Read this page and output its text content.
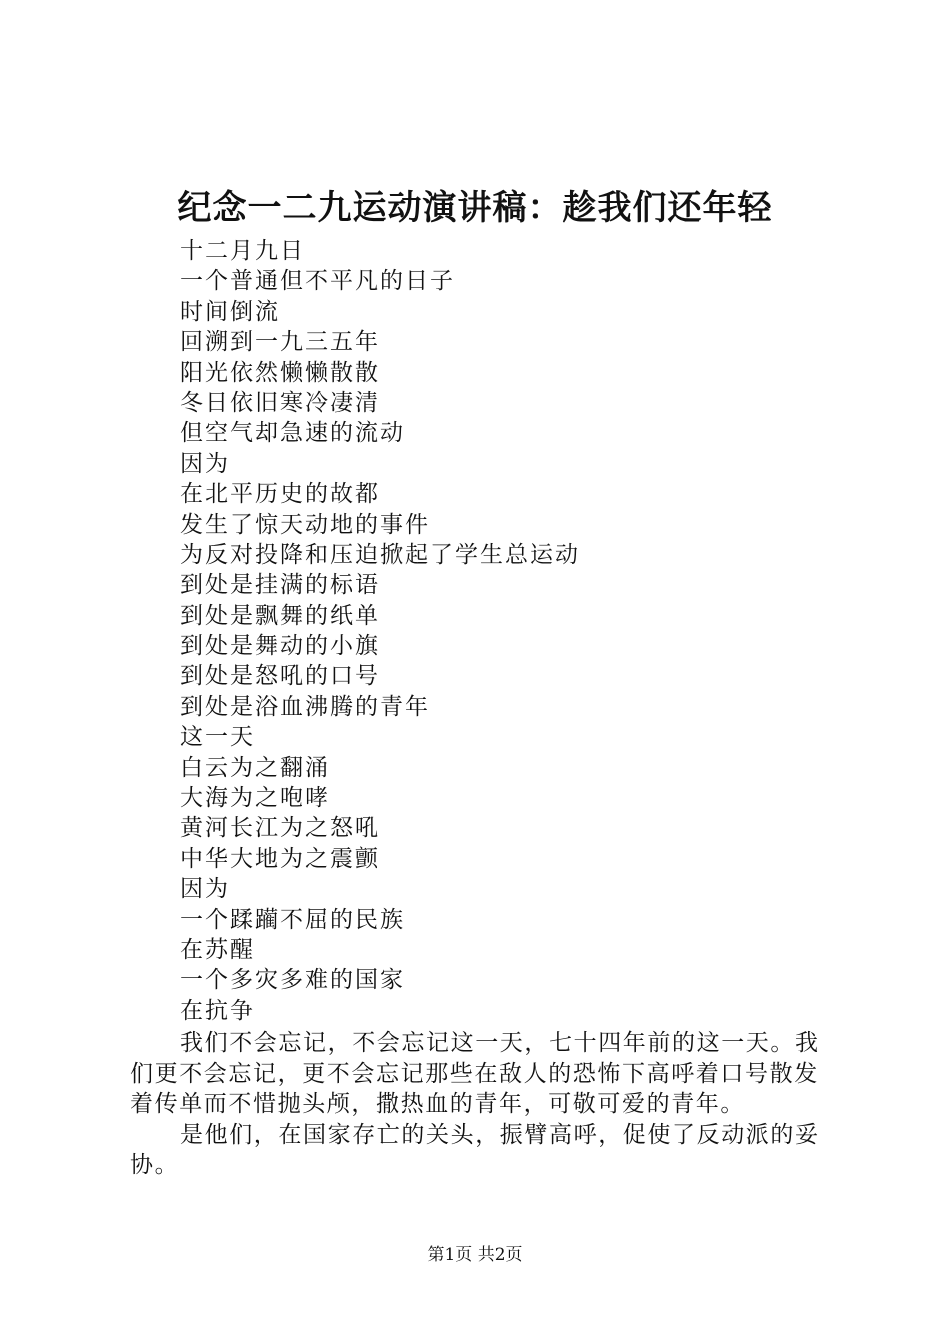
纪念一二九运动演讲稿：趁我们还年轻
十二月九日
一个普通但不平凡的日子
时间倒流
回溯到一九三五年
阳光依然懒懒散散
冬日依旧寒冷凄清
但空气却急速的流动
因为
在北平历史的故都
发生了惊天动地的事件
为反对投降和压迫掀起了学生总运动
到处是挂满的标语
到处是飘舞的纸单
到处是舞动的小旗
到处是怒吼的口号
到处是浴血沸腾的青年
这一天
白云为之翻涌
大海为之咆哮
黄河长江为之怒吼
中华大地为之震颤
因为
一个蹂躏不屈的民族
在苏醒
一个多灾多难的国家
在抗争

我们不会忘记，不会忘记这一天，七十四年前的这一天。我们更不会忘记，更不会忘记那些在敌人的恐怖下高呼着口号散发着传单而不惜抛头颅，撒热血的青年，可敬可爱的青年。

是他们，在国家存亡的关头，振臂高呼，促使了反动派的妥协。

第1页 共2页
